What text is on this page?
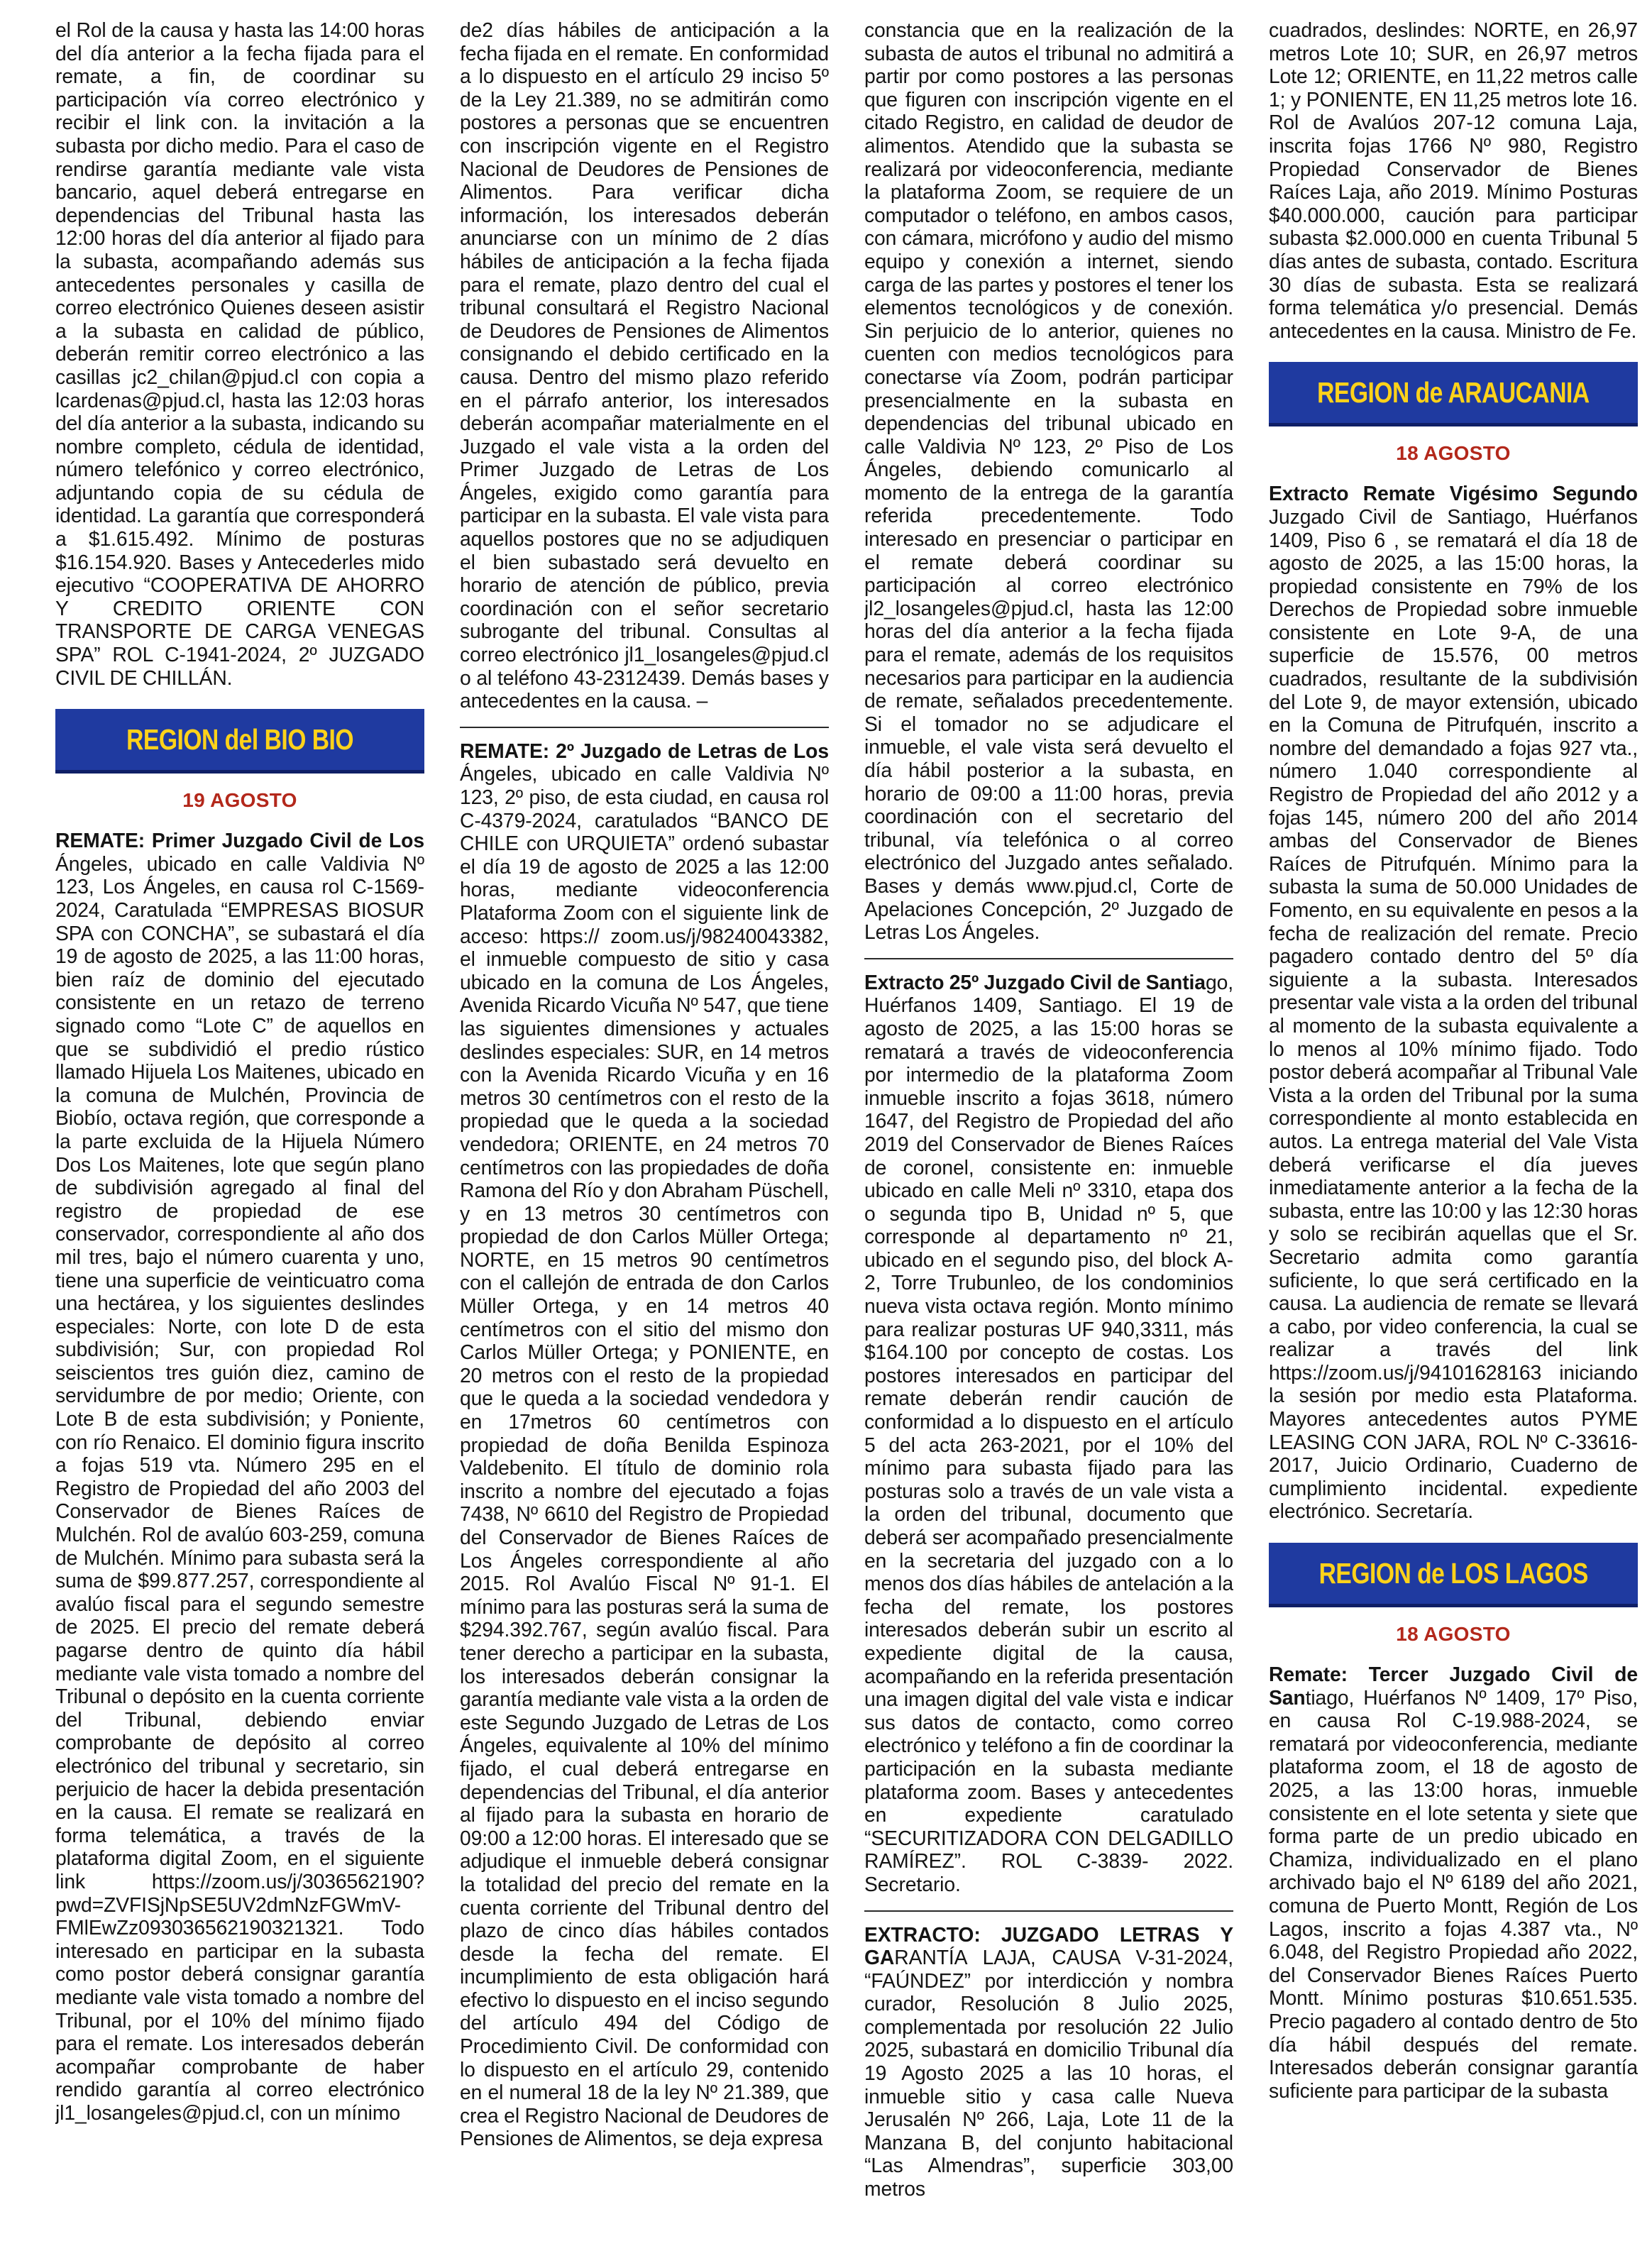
el Rol de la causa y hasta las 14:00 horas del día anterior a la fecha fijada para el remate, a fin, de coordinar su participación vía correo electrónico y recibir el link con. la invitación a la subasta por dicho medio. Para el caso de rendirse garantía mediante vale vista bancario, aquel deberá entregarse en dependencias del Tribunal hasta las 12:00 horas del día anterior al fijado para la subasta, acompañando además sus antecedentes personales y casilla de correo electrónico Quienes deseen asistir a la subasta en calidad de público, deberán remitir correo electrónico a las casillas jc2_chilan@pjud.cl con copia a lcardenas@pjud.cl, hasta las 12:03 horas del día anterior a la subasta, indicando su nombre completo, cédula de identidad, número telefónico y correo electrónico, adjuntando copia de su cédula de identidad. La garantía que corresponderá a $1.615.492. Mínimo de posturas $16.154.920. Bases y Antecederles mido ejecutivo “COOPERATIVA DE AHORRO Y CREDITO ORIENTE CON TRANSPORTE DE CARGA VENEGAS SPA” ROL C-1941-2024, 2º JUZGADO CIVIL DE CHILLÁN.

REGION del BIO BIO
19 AGOSTO

REMATE: Primer Juzgado Civil de Los Ángeles, ubicado en calle Valdivia Nº 123, Los Ángeles, en causa rol C-1569-2024, Caratulada “EMPRESAS BIOSUR SPA con CONCHA”, se subastará el día 19 de agosto de 2025, a las 11:00 horas, bien raíz de dominio del ejecutado consistente en un retazo de terreno signado como “Lote C” de aquellos en que se subdividió el predio rústico llamado Hijuela Los Maitenes, ubicado en la comuna de Mulchén, Provincia de Biobío, octava región, que corresponde a la parte excluida de la Hijuela Número Dos Los Maitenes, lote que según plano de subdivisión agregado al final del registro de propiedad de ese conservador, correspondiente al año dos mil tres, bajo el número cuarenta y uno, tiene una superficie de veinticuatro coma una hectárea, y los siguientes deslindes especiales: Norte, con lote D de esta subdivisión; Sur, con propiedad Rol seiscientos tres guión diez, camino de servidumbre de por medio; Oriente, con Lote B de esta subdivisión; y Poniente, con río Renaico. El dominio figura inscrito a fojas 519 vta. Número 295 en el Registro de Propiedad del año 2003 del Conservador de Bienes Raíces de Mulchén. Rol de avalúo 603-259, comuna de Mulchén. Mínimo para subasta será la suma de $99.877.257, correspondiente al avalúo fiscal para el segundo semestre de 2025. El precio del remate deberá pagarse dentro de quinto día hábil mediante vale vista tomado a nombre del Tribunal o depósito en la cuenta corriente del Tribunal, debiendo enviar comprobante de depósito al correo electrónico del tribunal y secretario, sin perjuicio de hacer la debida presentación en la causa. El remate se realizará en forma telemática, a través de la plataforma digital Zoom, en el siguiente link https://zoom.us/j/3036562190?pwd=ZVFISjNpSE5UV2dmNzFGWmV-FMlEwZz093036562190321321. Todo interesado en participar en la subasta como postor deberá consignar garantía mediante vale vista tomado a nombre del Tribunal, por el 10% del mínimo fijado para el remate. Los interesados deberán acompañar comprobante de haber rendido garantía al correo electrónico jl1_losangeles@pjud.cl, con un mínimo

de2 días hábiles de anticipación a la fecha fijada en el remate. En conformidad a lo dispuesto en el artículo 29 inciso 5º de la Ley 21.389, no se admitirán como postores a personas que se encuentren con inscripción vigente en el Registro Nacional de Deudores de Pensiones de Alimentos. Para verificar dicha información, los interesados deberán anunciarse con un mínimo de 2 días hábiles de anticipación a la fecha fijada para el remate, plazo dentro del cual el tribunal consultará el Registro Nacional de Deudores de Pensiones de Alimentos consignando el debido certificado en la causa. Dentro del mismo plazo referido en el párrafo anterior, los interesados deberán acompañar materialmente en el Juzgado el vale vista a la orden del Primer Juzgado de Letras de Los Ángeles, exigido como garantía para participar en la subasta. El vale vista para aquellos postores que no se adjudiquen el bien subastado será devuelto en horario de atención de público, previa coordinación con el señor secretario subrogante del tribunal. Consultas al correo electrónico jl1_losangeles@pjud.cl o al teléfono 43-2312439. Demás bases y antecedentes en la causa. –

REMATE: 2º Juzgado de Letras de Los Ángeles, ubicado en calle Valdivia Nº 123, 2º piso, de esta ciudad, en causa rol C-4379-2024, caratulados “BANCO DE CHILE con URQUIETA” ordenó subastar el día 19 de agosto de 2025 a las 12:00 horas, mediante videoconferencia Plataforma Zoom con el siguiente link de acceso: https:// zoom.us/j/98240043382, el inmueble compuesto de sitio y casa ubicado en la comuna de Los Ángeles, Avenida Ricardo Vicuña Nº 547, que tiene las siguientes dimensiones y actuales deslindes especiales: SUR, en 14 metros con la Avenida Ricardo Vicuña y en 16 metros 30 centímetros con el resto de la propiedad que le queda a la sociedad vendedora; ORIENTE, en 24 metros 70 centímetros con las propiedades de doña Ramona del Río y don Abraham Püschell, y en 13 metros 30 centímetros con propiedad de don Carlos Müller Ortega; NORTE, en 15 metros 90 centímetros con el callejón de entrada de don Carlos Müller Ortega, y en 14 metros 40 centímetros con el sitio del mismo don Carlos Müller Ortega; y PONIENTE, en 20 metros con el resto de la propiedad que le queda a la sociedad vendedora y en 17metros 60 centímetros con propiedad de doña Benilda Espinoza Valdebenito. El título de dominio rola inscrito a nombre del ejecutado a fojas 7438, Nº 6610 del Registro de Propiedad del Conservador de Bienes Raíces de Los Ángeles correspondiente al año 2015. Rol Avalúo Fiscal Nº 91-1. El mínimo para las posturas será la suma de $294.392.767, según avalúo fiscal. Para tener derecho a participar en la subasta, los interesados deberán consignar la garantía mediante vale vista a la orden de este Segundo Juzgado de Letras de Los Ángeles, equivalente al 10% del mínimo fijado, el cual deberá entregarse en dependencias del Tribunal, el día anterior al fijado para la subasta en horario de 09:00 a 12:00 horas. El interesado que se adjudique el inmueble deberá consignar la totalidad del precio del remate en la cuenta corriente del Tribunal dentro del plazo de cinco días hábiles contados desde la fecha del remate. El incumplimiento de esta obligación hará efectivo lo dispuesto en el inciso segundo del artículo 494 del Código de Procedimiento Civil. De conformidad con lo dispuesto en el artículo 29, contenido en el numeral 18 de la ley Nº 21.389, que crea el Registro Nacional de Deudores de Pensiones de Alimentos, se deja expresa

constancia que en la realización de la subasta de autos el tribunal no admitirá a partir por como postores a las personas que figuren con inscripción vigente en el citado Registro, en calidad de deudor de alimentos. Atendido que la subasta se realizará por videoconferencia, mediante la plataforma Zoom, se requiere de un computador o teléfono, en ambos casos, con cámara, micrófono y audio del mismo equipo y conexión a internet, siendo carga de las partes y postores el tener los elementos tecnológicos y de conexión. Sin perjuicio de lo anterior, quienes no cuenten con medios tecnológicos para conectarse vía Zoom, podrán participar presencialmente en la subasta en dependencias del tribunal ubicado en calle Valdivia Nº 123, 2º Piso de Los Ángeles, debiendo comunicarlo al momento de la entrega de la garantía referida precedentemente. Todo interesado en presenciar o participar en el remate deberá coordinar su participación al correo electrónico jl2_losangeles@pjud.cl, hasta las 12:00 horas del día anterior a la fecha fijada para el remate, además de los requisitos necesarios para participar en la audiencia de remate, señalados precedentemente. Si el tomador no se adjudicare el inmueble, el vale vista será devuelto el día hábil posterior a la subasta, en horario de 09:00 a 11:00 horas, previa coordinación con el secretario del tribunal, vía telefónica o al correo electrónico del Juzgado antes señalado. Bases y demás www.pjud.cl, Corte de Apelaciones Concepción, 2º Juzgado de Letras Los Ángeles.

Extracto 25º Juzgado Civil de Santiago, Huérfanos 1409, Santiago. El 19 de agosto de 2025, a las 15:00 horas se rematará a través de videoconferencia por intermedio de la plataforma Zoom inmueble inscrito a fojas 3618, número 1647, del Registro de Propiedad del año 2019 del Conservador de Bienes Raíces de coronel, consistente en: inmueble ubicado en calle Meli nº 3310, etapa dos o segunda tipo B, Unidad nº 5, que corresponde al departamento nº 21, ubicado en el segundo piso, del block A-2, Torre Trubunleo, de los condominios nueva vista octava región. Monto mínimo para realizar posturas UF 940,3311, más $164.100 por concepto de costas. Los postores interesados en participar del remate deberán rendir caución de conformidad a lo dispuesto en el artículo 5 del acta 263-2021, por el 10% del mínimo para subasta fijado para las posturas solo a través de un vale vista a la orden del tribunal, documento que deberá ser acompañado presencialmente en la secretaria del juzgado con a lo menos dos días hábiles de antelación a la fecha del remate, los postores interesados deberán subir un escrito al expediente digital de la causa, acompañando en la referida presentación una imagen digital del vale vista e indicar sus datos de contacto, como correo electrónico y teléfono a fin de coordinar la participación en la subasta mediante plataforma zoom. Bases y antecedentes en expediente caratulado “SECURITIZADORA CON DELGADILLO RAMÍREZ”. ROL C-3839- 2022. Secretario.

EXTRACTO: JUZGADO LETRAS Y GARANTÍA LAJA, CAUSA V-31-2024, “FAÚNDEZ” por interdicción y nombra curador, Resolución 8 Julio 2025, complementada por resolución 22 Julio 2025, subastará en domicilio Tribunal día 19 Agosto 2025 a las 10 horas, el inmueble sitio y casa calle Nueva Jerusalén Nº 266, Laja, Lote 11 de la Manzana B, del conjunto habitacional “Las Almendras”, superficie 303,00 metros

cuadrados, deslindes: NORTE, en 26,97 metros Lote 10; SUR, en 26,97 metros Lote 12; ORIENTE, en 11,22 metros calle 1; y PONIENTE, EN 11,25 metros lote 16. Rol de Avalúos 207-12 comuna Laja, inscrita fojas 1766 Nº 980, Registro Propiedad Conservador de Bienes Raíces Laja, año 2019. Mínimo Posturas $40.000.000, caución para participar subasta $2.000.000 en cuenta Tribunal 5 días antes de subasta, contado. Escritura 30 días de subasta. Esta se realizará forma telemática y/o presencial. Demás antecedentes en la causa. Ministro de Fe.

REGION de ARAUCANIA
18 AGOSTO

Extracto Remate Vigésimo Segundo Juzgado Civil de Santiago, Huérfanos 1409, Piso 6 , se rematará el día 18 de agosto de 2025, a las 15:00 horas, la propiedad consistente en 79% de los Derechos de Propiedad sobre inmueble consistente en Lote 9-A, de una superficie de 15.576, 00 metros cuadrados, resultante de la subdivisión del Lote 9, de mayor extensión, ubicado en la Comuna de Pitrufquén, inscrito a nombre del demandado a fojas 927 vta., número 1.040 correspondiente al Registro de Propiedad del año 2012 y a fojas 145, número 200 del año 2014 ambas del Conservador de Bienes Raíces de Pitrufquén. Mínimo para la subasta la suma de 50.000 Unidades de Fomento, en su equivalente en pesos a la fecha de realización del remate. Precio pagadero contado dentro del 5º día siguiente a la subasta. Interesados presentar vale vista a la orden del tribunal al momento de la subasta equivalente a lo menos al 10% mínimo fijado. Todo postor deberá acompañar al Tribunal Vale Vista a la orden del Tribunal por la suma correspondiente al monto establecida en autos. La entrega material del Vale Vista deberá verificarse el día jueves inmediatamente anterior a la fecha de la subasta, entre las 10:00 y las 12:30 horas y solo se recibirán aquellas que el Sr. Secretario admita como garantía suficiente, lo que será certificado en la causa. La audiencia de remate se llevará a cabo, por video conferencia, la cual se realizar a través del link https://zoom.us/j/94101628163 iniciando la sesión por medio esta Plataforma. Mayores antecedentes autos PYME LEASING CON JARA, ROL Nº C-33616-2017, Juicio Ordinario, Cuaderno de cumplimiento incidental. expediente electrónico. Secretaría.

REGION de LOS LAGOS
18 AGOSTO

Remate: Tercer Juzgado Civil de Santiago, Huérfanos Nº 1409, 17º Piso, en causa Rol C-19.988-2024, se rematará por videoconferencia, mediante plataforma zoom, el 18 de agosto de 2025, a las 13:00 horas, inmueble consistente en el lote setenta y siete que forma parte de un predio ubicado en Chamiza, individualizado en el plano archivado bajo el Nº 6189 del año 2021, comuna de Puerto Montt, Región de Los Lagos, inscrito a fojas 4.387 vta., Nº 6.048, del Registro Propiedad año 2022, del Conservador Bienes Raíces Puerto Montt. Mínimo posturas $10.651.535. Precio pagadero al contado dentro de 5to día hábil después del remate. Interesados deberán consignar garantía suficiente para participar de la subasta
